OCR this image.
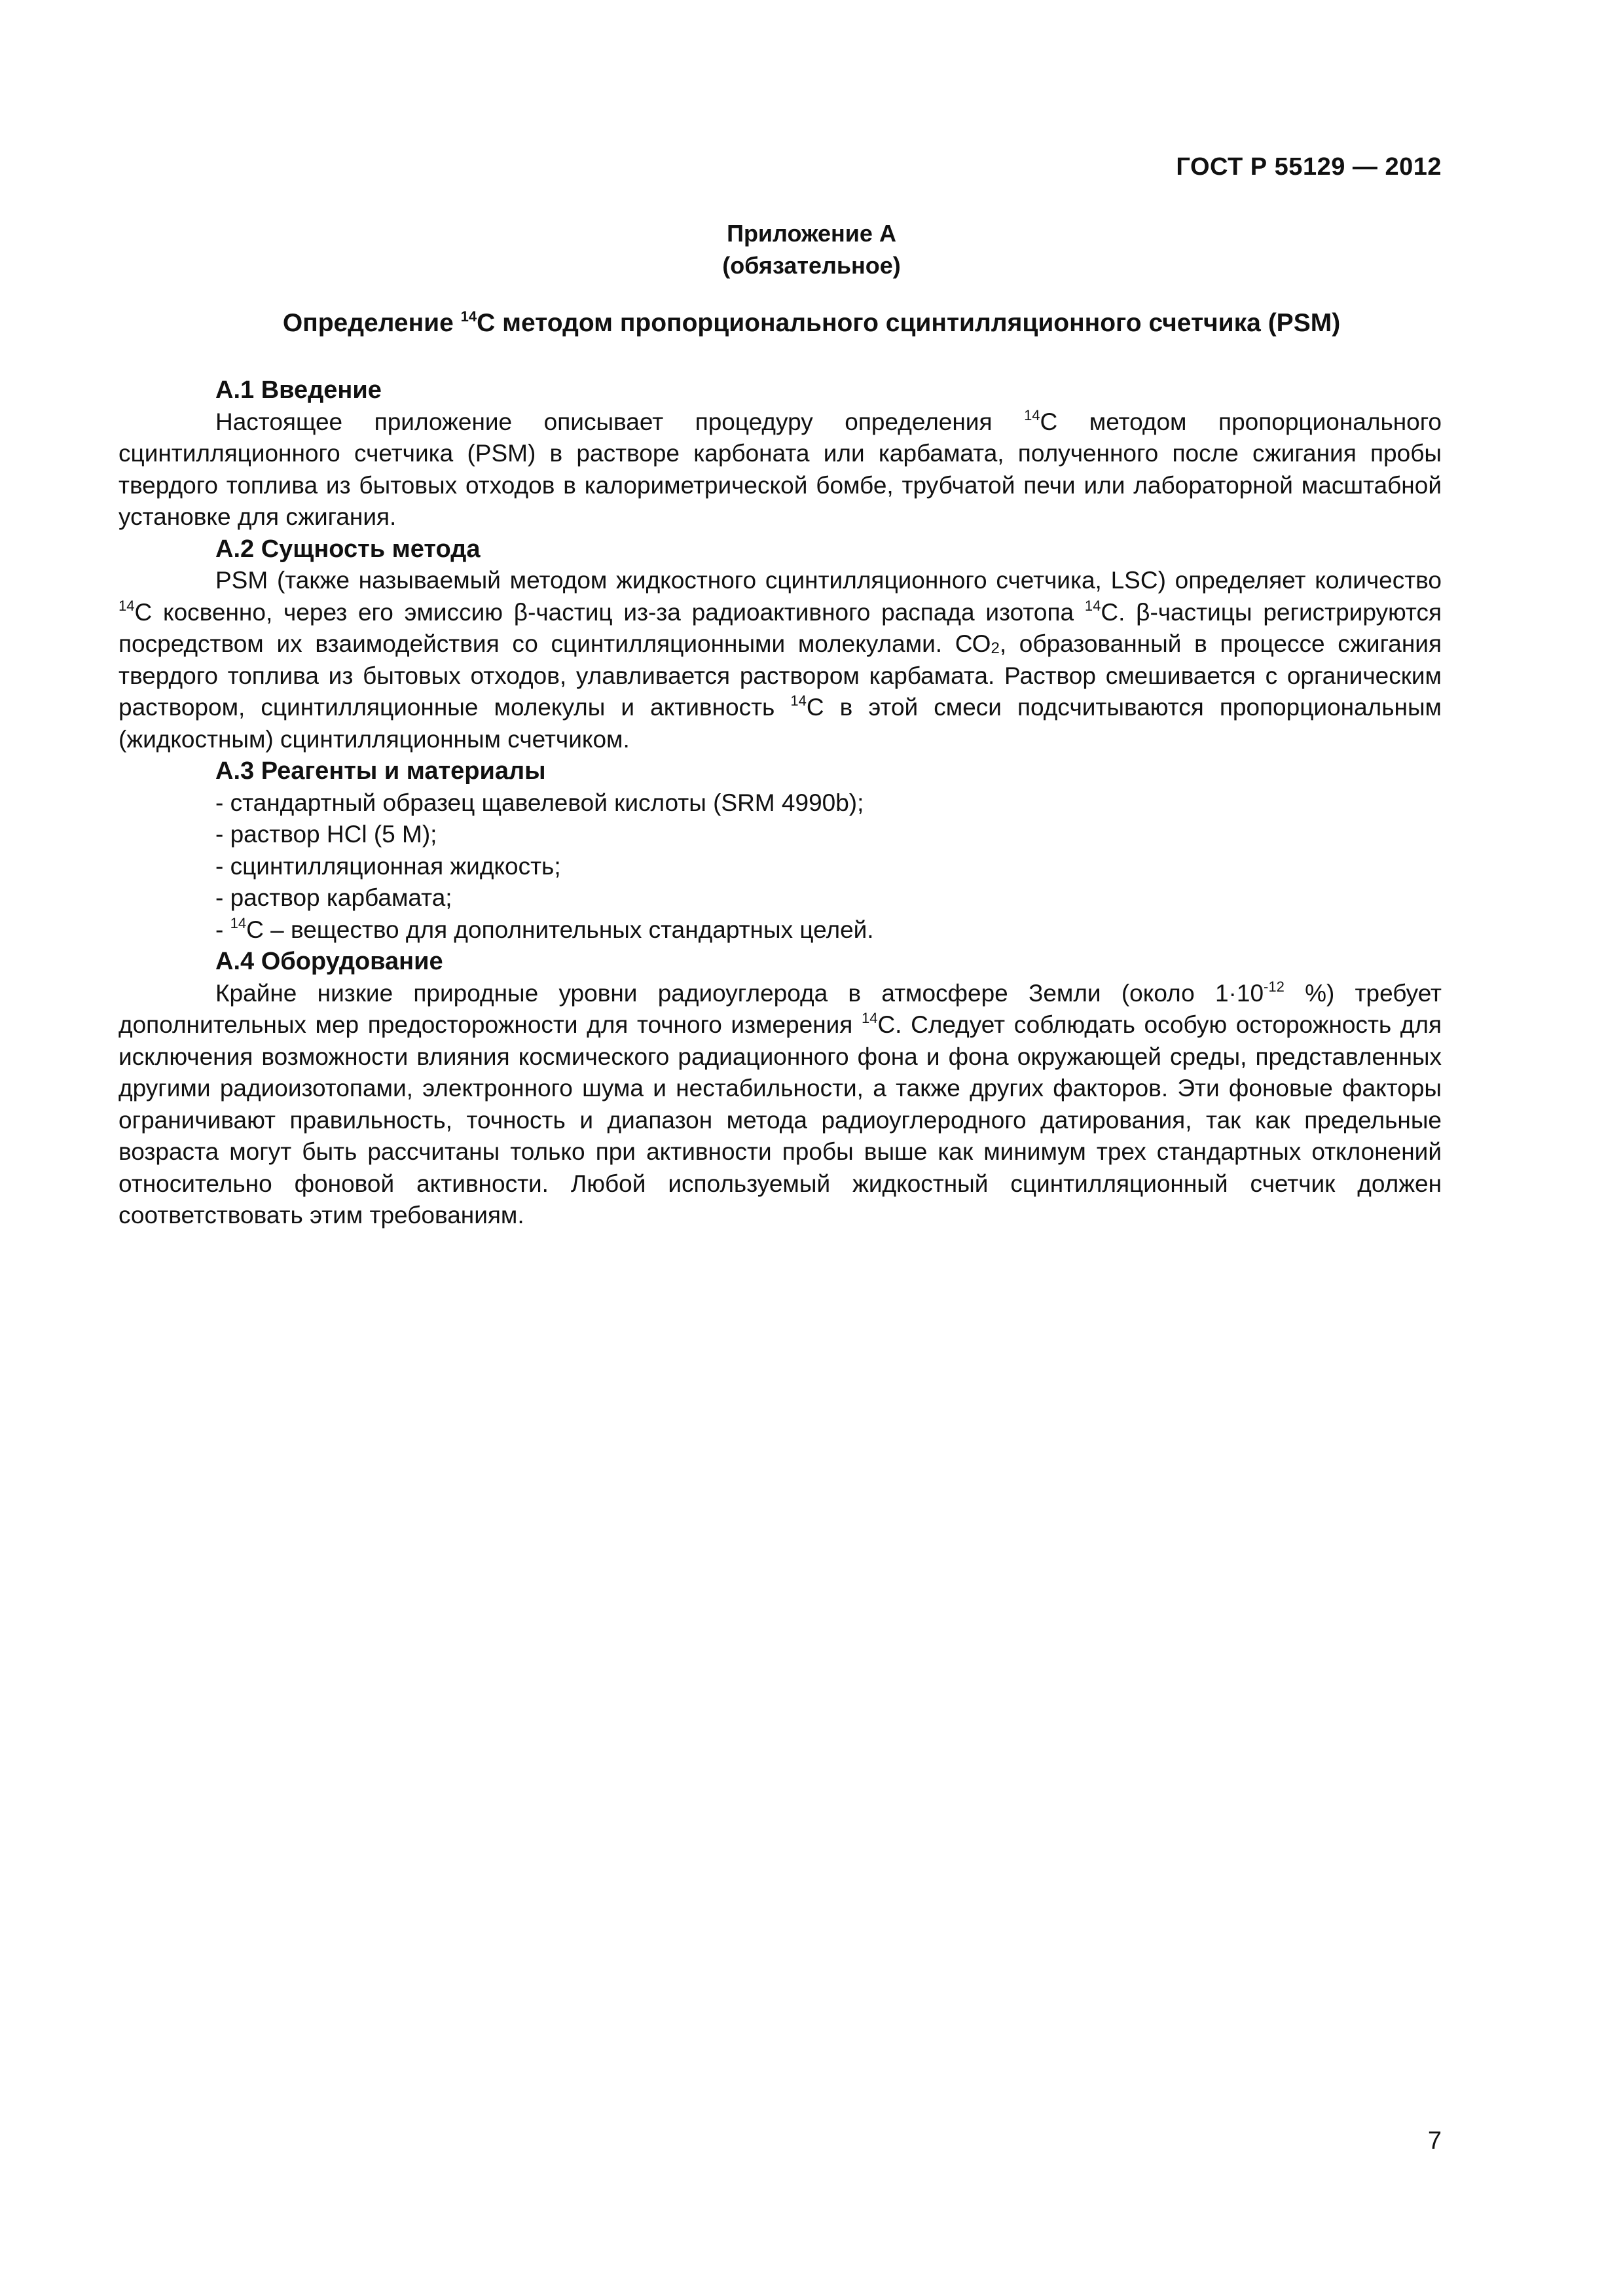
ГОСТ Р 55129 — 2012
Приложение А
(обязательное)
Определение $^{14}$С методом пропорционального сцинтилляционного счетчика (PSM)
А.1 Введение

Настоящее приложение описывает процедуру определения $^{14}$С методом пропорционального сцинтилляционного счетчика (PSM) в растворе карбоната или карбамата, полученного после сжигания пробы твердого топлива из бытовых отходов в калориметрической бомбе, трубчатой печи или лабораторной масштабной установке для сжигания.

А.2 Сущность метода

PSM (также называемый методом жидкостного сцинтилляционного счетчика, LSC) определяет количество $^{14}$С косвенно, через его эмиссию β-частиц из-за радиоактивного распада изотопа $^{14}$С. β-частицы регистрируются посредством их взаимодействия со сцинтилляционными молекулами. $СО_2$, образованный в процессе сжигания твердого топлива из бытовых отходов, улавливается раствором карбамата. Раствор смешивается с органическим раствором, сцинтилляционные молекулы и активность $^{14}$С в этой смеси подсчитываются пропорциональным (жидкостным) сцинтилляционным счетчиком.

А.3 Реагенты и материалы
- стандартный образец щавелевой кислоты (SRM 4990b);
- раствор HCl (5 M);
- сцинтилляционная жидкость;
- раствор карбамата;
- $^{14}$С – вещество для дополнительных стандартных целей.
А.4 Оборудование

Крайне низкие природные уровни радиоуглерода в атмосфере Земли (около $1\cdot 10^{-12}$ %) требует дополнительных мер предосторожности для точного измерения $^{14}$С. Следует соблюдать особую осторожность для исключения возможности влияния космического радиационного фона и фона окружающей среды, представленных другими радиоизотопами, электронного шума и нестабильности, а также других факторов. Эти фоновые факторы ограничивают правильность, точность и диапазон метода радиоуглеродного датирования, так как предельные возраста могут быть рассчитаны только при активности пробы выше как минимум трех стандартных отклонений относительно фоновой активности. Любой используемый жидкостный сцинтилляционный счетчик должен соответствовать этим требованиям.

7
